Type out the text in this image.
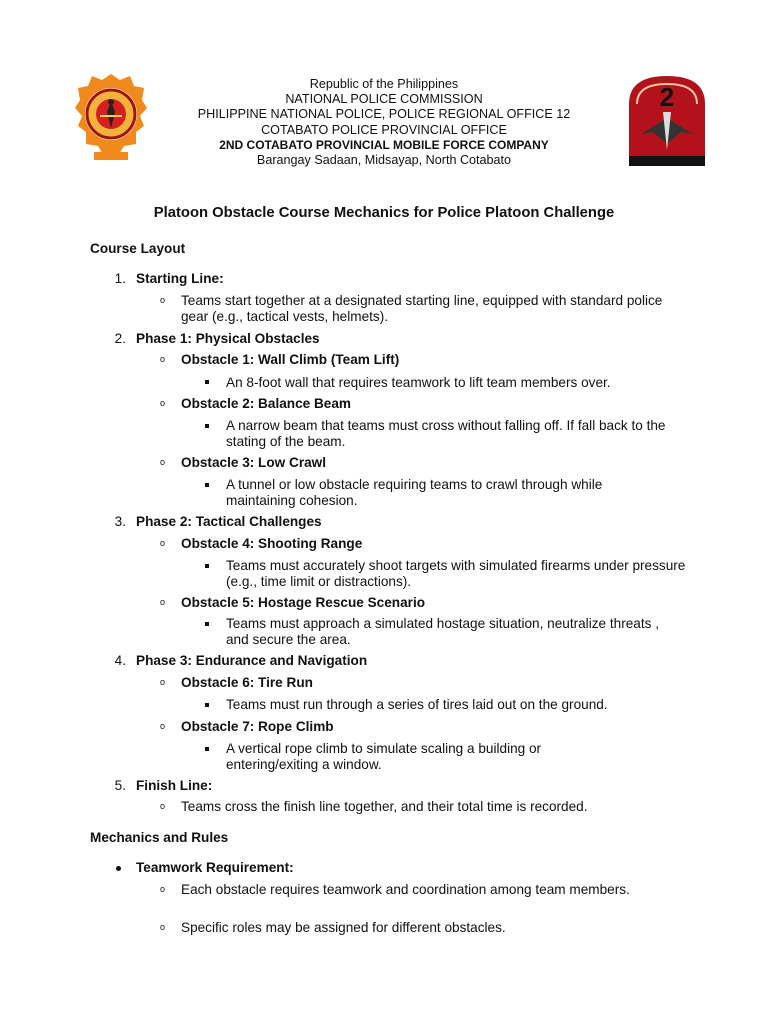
2
Republic of the Philippines
NATIONAL POLICE COMMISSION
PHILIPPINE NATIONAL POLICE, POLICE REGIONAL OFFICE 12
COTABATO POLICE PROVINCIAL OFFICE
2ND COTABATO PROVINCIAL MOBILE FORCE COMPANY
Barangay Sadaan, Midsayap, North Cotabato
Platoon Obstacle Course Mechanics for Police Platoon Challenge
Course Layout
1. Starting Line:
o Teams start together at a designated starting line, equipped with standard police gear (e.g., tactical vests, helmets).
2. Phase 1: Physical Obstacles
o Obstacle 1: Wall Climb (Team Lift)
An 8-foot wall that requires teamwork to lift team members over.
o Obstacle 2: Balance Beam
A narrow beam that teams must cross without falling off. If fall back to the stating of the beam.
o Obstacle 3: Low Crawl
A tunnel or low obstacle requiring teams to crawl through while maintaining cohesion.
3. Phase 2: Tactical Challenges
o Obstacle 4: Shooting Range
Teams must accurately shoot targets with simulated firearms under pressure (e.g., time limit or distractions).
o Obstacle 5: Hostage Rescue Scenario
Teams must approach a simulated hostage situation, neutralize threats , and secure the area.
4. Phase 3: Endurance and Navigation
o Obstacle 6: Tire Run
Teams must run through a series of tires laid out on the ground.
o Obstacle 7: Rope Climb
A vertical rope climb to simulate scaling a building or entering/exiting a window.
5. Finish Line:
o Teams cross the finish line together, and their total time is recorded.
Mechanics and Rules
Teamwork Requirement:
o Each obstacle requires teamwork and coordination among team members.
o Specific roles may be assigned for different obstacles.
